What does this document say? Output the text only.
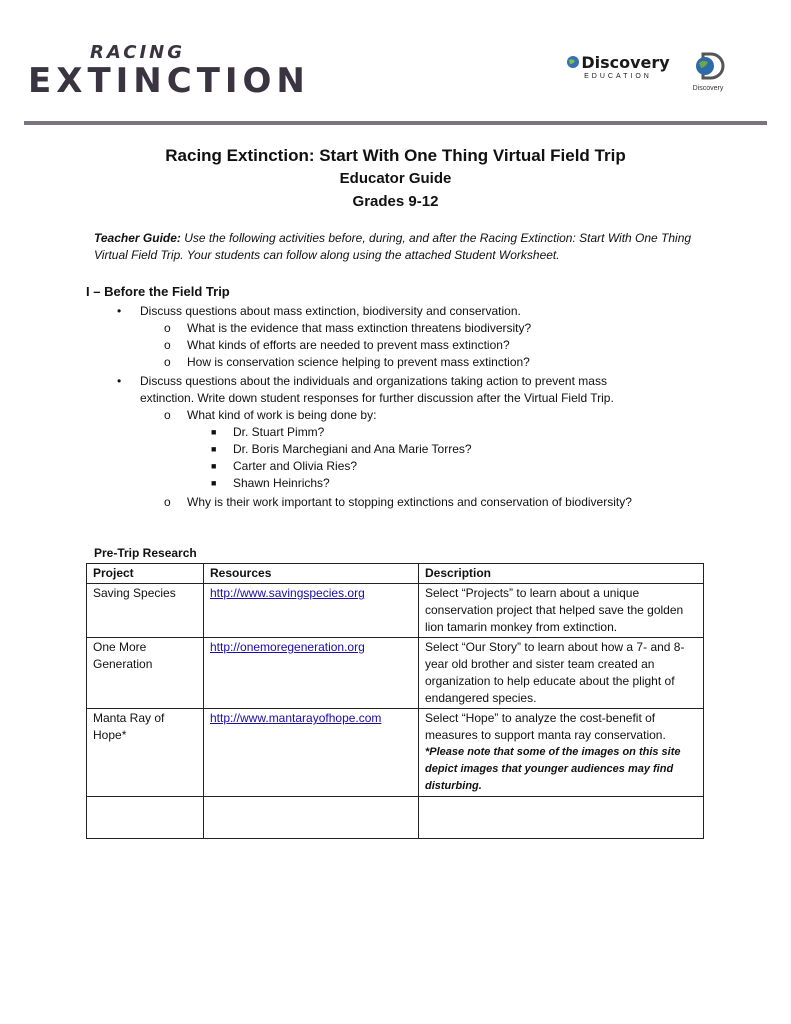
RACING
EXTINCTION	Discovery
EDUCATION
Discovery
Racing Extinction: Start With One Thing Virtual Field Trip
Educator Guide
Grades 9-12
Teacher Guide: Use the following activities before, during, and after the Racing Extinction: Start With One Thing Virtual Field Trip. Your students can follow along using the attached Student Worksheet.
I – Before the Field Trip
• Discuss questions about mass extinction, biodiversity and conservation.
o What is the evidence that mass extinction threatens biodiversity?
o What kinds of efforts are needed to prevent mass extinction?
o How is conservation science helping to prevent mass extinction?
• Discuss questions about the individuals and organizations taking action to prevent mass
extinction. Write down student responses for further discussion after the Virtual Field Trip.
o What kind of work is being done by:
■ Dr. Stuart Pimm?
■ Dr. Boris Marchegiani and Ana Marie Torres?
■ Carter and Olivia Ries?
■ Shawn Heinrichs?
o Why is their work important to stopping extinctions and conservation of biodiversity?
Pre-Trip Research
Project	Resources	Description
Saving Species	http://www.savingspecies.org	Select “Projects” to learn about a unique conservation project that helped save the golden lion tamarin monkey from extinction.
One More Generation	http://onemoregeneration.org	Select “Our Story” to learn about how a 7- and 8-year old brother and sister team created an organization to help educate about the plight of endangered species.
Manta Ray of Hope*	http://www.mantarayofhope.com	Select “Hope” to analyze the cost-benefit of measures to support manta ray conservation.
*Please note that some of the images on this site depict images that younger audiences may find disturbing.
